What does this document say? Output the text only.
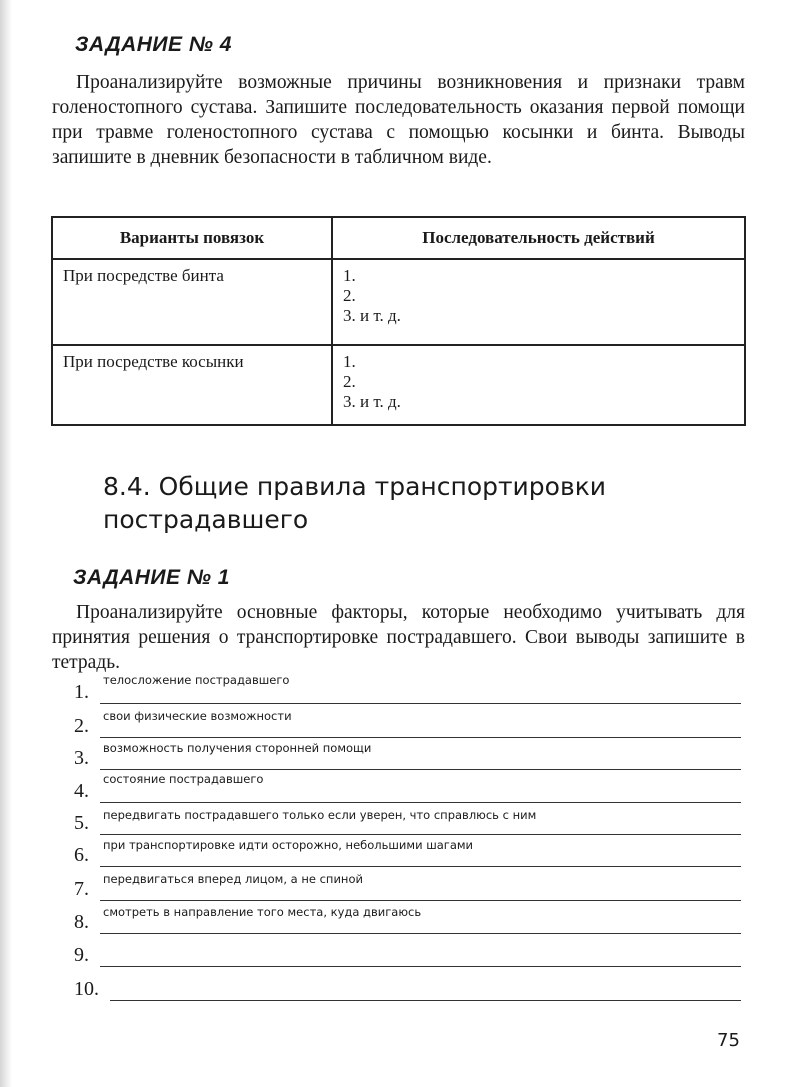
ЗАДАНИЕ № 4
Проанализируйте возможные причины возникновения и признаки травм голеностопного сустава. Запишите последовательность оказания первой помощи при травме голеностопного сустава с помощью косынки и бинта. Выводы запишите в дневник безопасности в табличном виде.
Варианты повязок	Последовательность действий
При посредстве бинта	1.
2.
3. и т. д.

При посредстве косынки	1.
2.
3. и т. д.
8.4. Общие правила транспортировки пострадавшего
ЗАДАНИЕ № 1
Проанализируйте основные факторы, которые необходимо учитывать для принятия решения о транспортировке пострадавшего. Свои выводы запишите в тетрадь.
1.
телосложение пострадавшего
2. свои физические возможности
3. возможность получения сторонней помощи
4.
состояние пострадавшего
5. передвигать пострадавшего только если уверен, что справлюсь с ним
6. при транспортировке идти осторожно, небольшими шагами
7. передвигаться вперед лицом, а не спиной
8. смотреть в направление того места, куда двигаюсь
9.
10.
75
